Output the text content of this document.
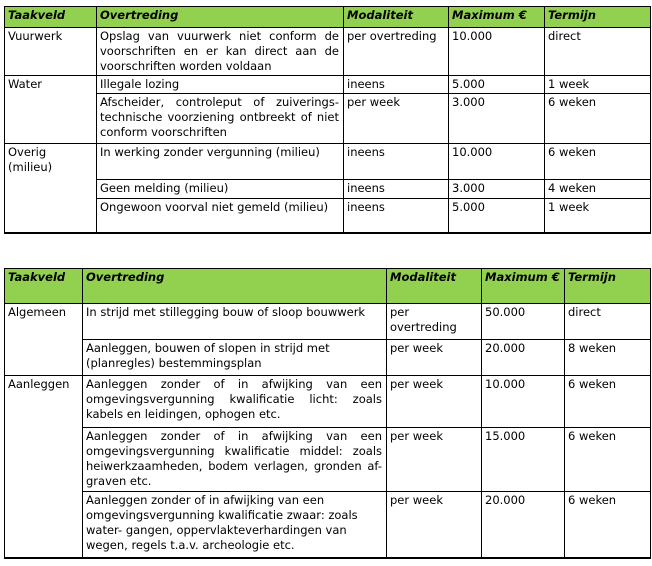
Taakveld	Overtreding	Modaliteit	Maximum €	Termijn
Vuurwerk	Opslag van vuurwerk niet conform de voorschriften en er kan direct aan de voorschriften worden voldaan	per overtreding	10.000	direct
Water	Illegale lozing	ineens	5.000	1 week
	Afscheider, controleput of zuiverings-technische voorziening ontbreekt of niet conform voorschriften	per week	3.000	6 weken
Overig (milieu)	In werking zonder vergunning (milieu)	ineens	10.000	6 weken
	Geen melding (milieu)	ineens	3.000	4 weken
	Ongewoon voorval niet gemeld (milieu)	ineens	5.000	1 week
Taakveld	Overtreding	Modaliteit	Maximum €	Termijn
Algemeen	In strijd met stillegging bouw of sloop bouwwerk	per overtreding	50.000	direct
	Aanleggen, bouwen of slopen in strijd met (planregles) bestemmingsplan	per week	20.000	8 weken
Aanleggen	Aanleggen zonder of in afwijking van een omgevingsvergunning kwalificatie licht: zoals kabels en leidingen, ophogen etc.	per week	10.000	6 weken
	Aanleggen zonder of in afwijking van een omgevingsvergunning kwalificatie middel: zoals heiwerkzaamheden, bodem verlagen, gronden af- graven etc.	per week	15.000	6 weken
	Aanleggen zonder of in afwijking van een omgevingsvergunning kwalificatie zwaar: zoals water- gangen, oppervlakteverhardingen van wegen, regels t.a.v. archeologie etc.	per week	20.000	6 weken
